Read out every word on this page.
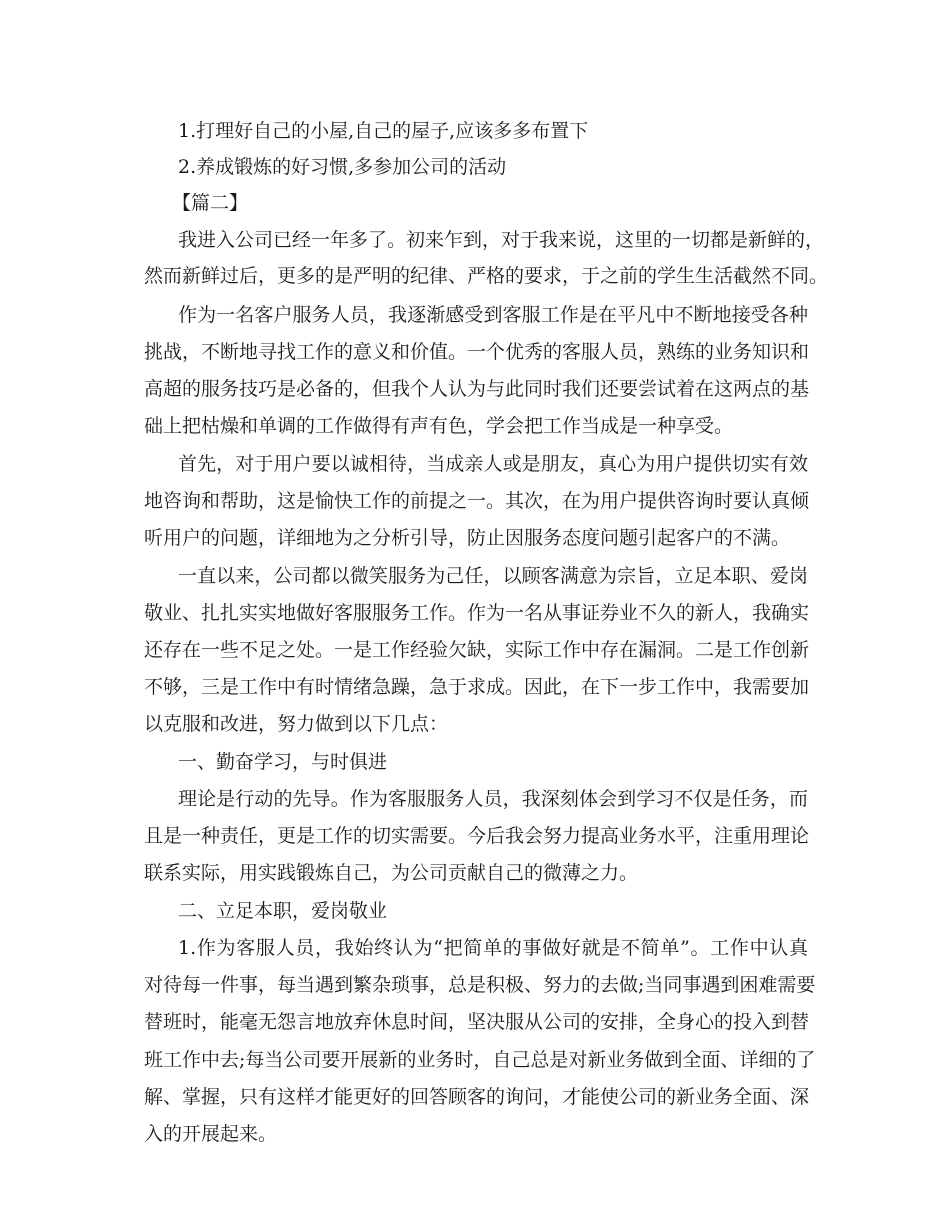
1.打理好自己的小屋,自己的屋子,应该多多布置下
2.养成锻炼的好习惯,多参加公司的活动
【篇二】
我进入公司已经一年多了。初来乍到，对于我来说，这里的一切都是新鲜的，
然而新鲜过后，更多的是严明的纪律、严格的要求，于之前的学生生活截然不同。
作为一名客户服务人员，我逐渐感受到客服工作是在平凡中不断地接受各种
挑战，不断地寻找工作的意义和价值。一个优秀的客服人员，熟练的业务知识和
高超的服务技巧是必备的，但我个人认为与此同时我们还要尝试着在这两点的基
础上把枯燥和单调的工作做得有声有色，学会把工作当成是一种享受。
首先，对于用户要以诚相待，当成亲人或是朋友，真心为用户提供切实有效
地咨询和帮助，这是愉快工作的前提之一。其次，在为用户提供咨询时要认真倾
听用户的问题，详细地为之分析引导，防止因服务态度问题引起客户的不满。
一直以来，公司都以微笑服务为己任，以顾客满意为宗旨，立足本职、爱岗
敬业、扎扎实实地做好客服服务工作。作为一名从事证券业不久的新人，我确实
还存在一些不足之处。一是工作经验欠缺，实际工作中存在漏洞。二是工作创新
不够，三是工作中有时情绪急躁，急于求成。因此，在下一步工作中，我需要加
以克服和改进，努力做到以下几点：
一、勤奋学习，与时俱进
理论是行动的先导。作为客服服务人员，我深刻体会到学习不仅是任务，而
且是一种责任，更是工作的切实需要。今后我会努力提高业务水平，注重用理论
联系实际，用实践锻炼自己，为公司贡献自己的微薄之力。
二、立足本职，爱岗敬业
1.作为客服人员，我始终认为“把简单的事做好就是不简单”。工作中认真
对待每一件事，每当遇到繁杂琐事，总是积极、努力的去做;当同事遇到困难需要
替班时，能毫无怨言地放弃休息时间，坚决服从公司的安排，全身心的投入到替
班工作中去;每当公司要开展新的业务时，自己总是对新业务做到全面、详细的了
解、掌握，只有这样才能更好的回答顾客的询问，才能使公司的新业务全面、深
入的开展起来。
